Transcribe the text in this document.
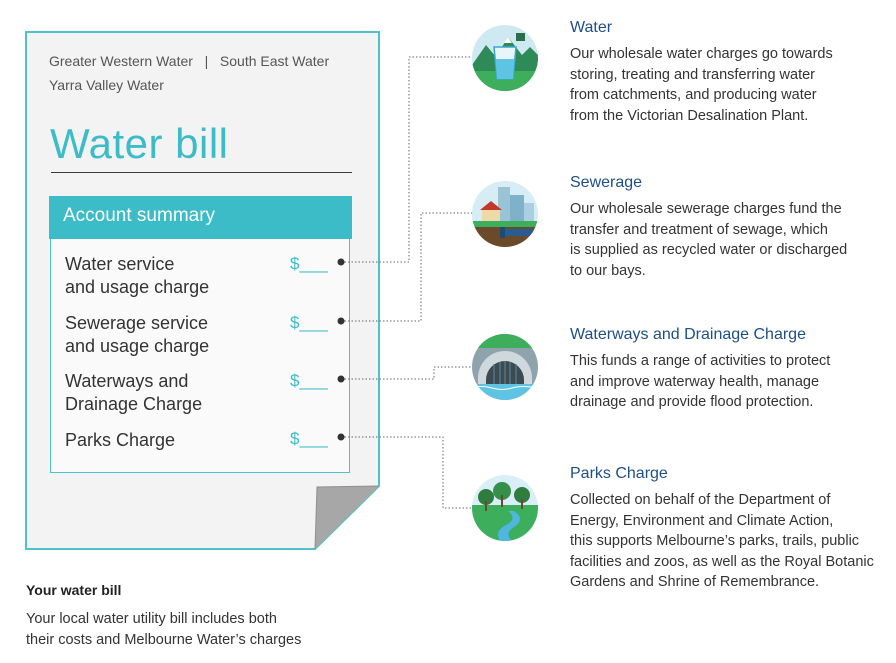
Greater Western Water   |   South East Water
Yarra Valley Water
Water bill
Account summary
Water service
and usage charge
$___
Sewerage service
and usage charge
$___
Waterways and
Drainage Charge
$___
Parks Charge	$___
Water
Our wholesale water charges go towards
storing, treating and transferring water
from catchments, and producing water
from the Victorian Desalination Plant.
Sewerage
Our wholesale sewerage charges fund the
transfer and treatment of sewage, which
is supplied as recycled water or discharged
to our bays.
Waterways and Drainage Charge
This funds a range of activities to protect
and improve waterway health, manage
drainage and provide flood protection.
Parks Charge
Collected on behalf of the Department of
Energy, Environment and Climate Action,
this supports Melbourne’s parks, trails, public
facilities and zoos, as well as the Royal Botanic
Gardens and Shrine of Remembrance.
Your water bill
Your local water utility bill includes both
their costs and Melbourne Water’s charges
